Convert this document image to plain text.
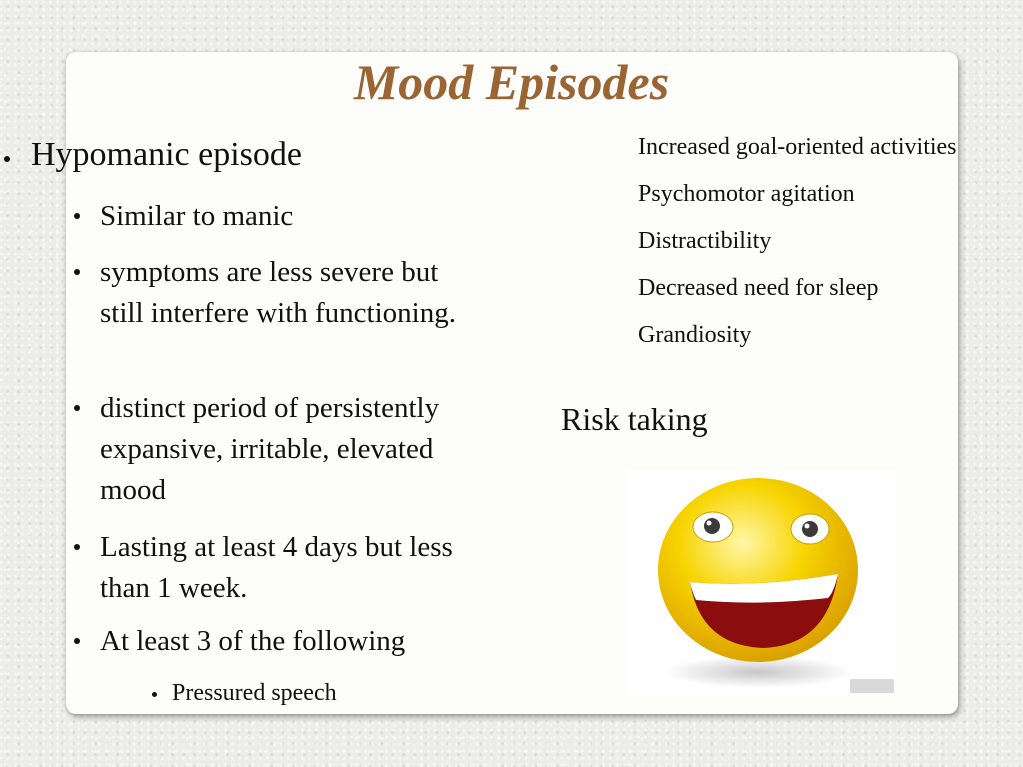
Mood Episodes
Hypomanic episode
Similar to manic
symptoms are less severe but still interfere with functioning.
distinct period of persistently expansive, irritable, elevated mood
Lasting at least 4 days but less than 1 week.
At least 3 of the following
Pressured speech
Increased goal-oriented activities
Psychomotor agitation
Distractibility
Decreased need for sleep
Grandiosity
Risk taking
